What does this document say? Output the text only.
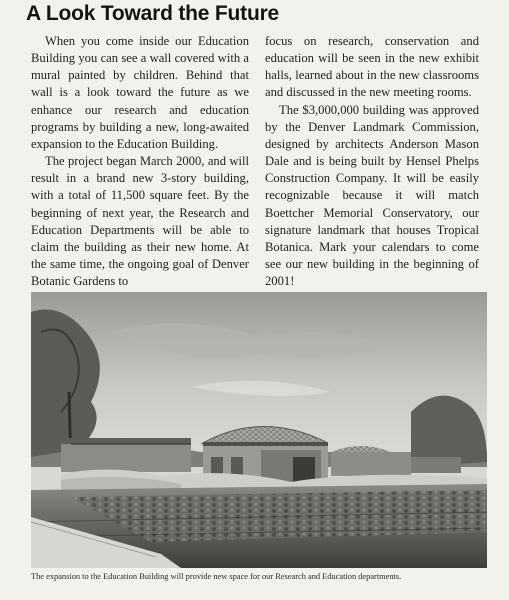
A Look Toward the Future

When you come inside our Education Building you can see a wall covered with a mural painted by children. Behind that wall is a look toward the future as we enhance our research and education programs by building a new, long-awaited expansion to the Education Building.

The project began March 2000, and will result in a brand new 3-story building, with a total of 11,500 square feet. By the beginning of next year, the Research and Education Departments will be able to claim the building as their new home. At the same time, the ongoing goal of Denver Botanic Gardens to

focus on research, conservation and education will be seen in the new exhibit halls, learned about in the new classrooms and discussed in the new meeting rooms.

The $3,000,000 building was approved by the Denver Landmark Commission, designed by architects Anderson Mason Dale and is being built by Hensel Phelps Construction Company. It will be easily recognizable because it will match Boettcher Memorial Conservatory, our signature landmark that houses Tropical Botanica. Mark your calendars to come see our new building in the beginning of 2001!

The expansion to the Education Building will provide new space for our Research and Education departments.
